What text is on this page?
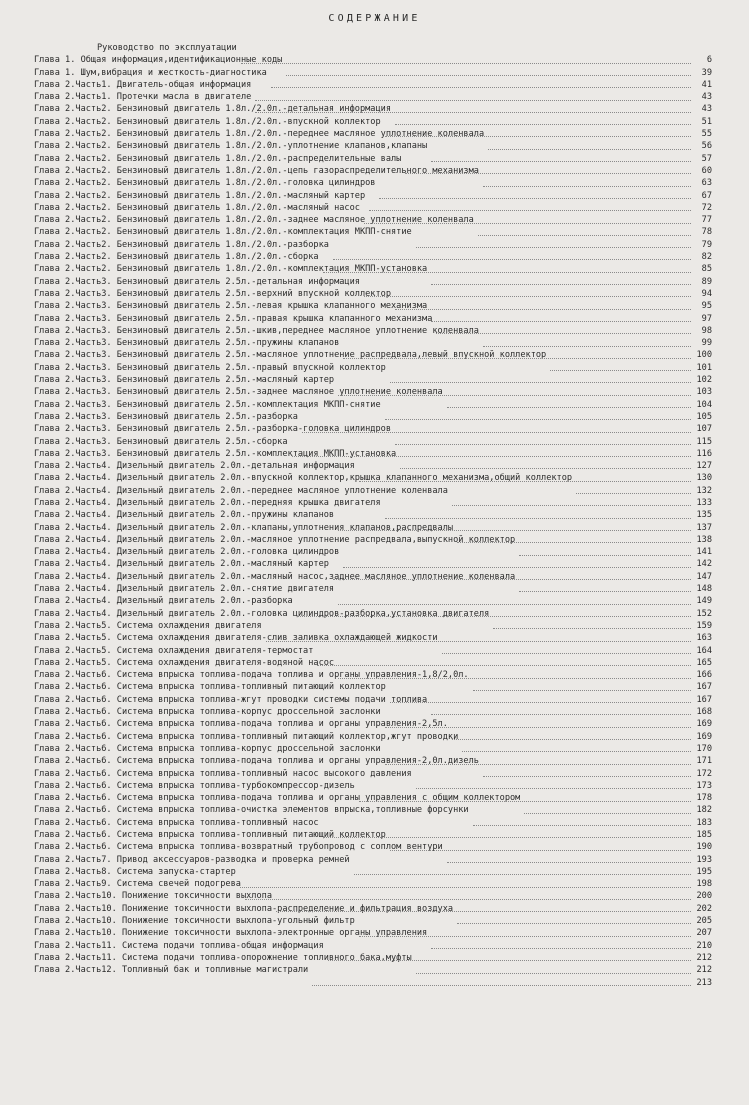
СОДЕРЖАНИЕ
Руководство по эксплуатации
Глава 1. Общая информация,идентификационные коды	6
Глава 1. Шум,вибрация и жесткость-диагностика	39
Глава 2.Часть1. Двигатель-общая информация	41
Глава 2.Часть1. Протечки масла в двигателе	43
Глава 2.Часть2. Бензиновый двигатель 1.8л./2.0л.-детальная информация	43
Глава 2.Часть2. Бензиновый двигатель 1.8л./2.0л.-впускной коллектор	51
Глава 2.Часть2. Бензиновый двигатель 1.8л./2.0л.-переднее масляное уплотнение коленвала	55
Глава 2.Часть2. Бензиновый двигатель 1.8л./2.0л.-уплотнение клапанов,клапаны	56
Глава 2.Часть2. Бензиновый двигатель 1.8л./2.0л.-распределительные валы	57
Глава 2.Часть2. Бензиновый двигатель 1.8л./2.0л.-цепь газораспределительного механизма	60
Глава 2.Часть2. Бензиновый двигатель 1.8л./2.0л.-головка цилиндров	63
Глава 2.Часть2. Бензиновый двигатель 1.8л./2.0л.-масляный картер	67
Глава 2.Часть2. Бензиновый двигатель 1.8л./2.0л.-масляный насос	72
Глава 2.Часть2. Бензиновый двигатель 1.8л./2.0л.-заднее масляное уплотнение коленвала	77
Глава 2.Часть2. Бензиновый двигатель 1.8л./2.0л.-комплектация МКПП-снятие	78
Глава 2.Часть2. Бензиновый двигатель 1.8л./2.0л.-разборка	79
Глава 2.Часть2. Бензиновый двигатель 1.8л./2.0л.-сборка	82
Глава 2.Часть2. Бензиновый двигатель 1.8л./2.0л.-комплектация МКПП-установка	85
Глава 2.Часть3. Бензиновый двигатель 2.5л.-детальная информация	89
Глава 2.Часть3. Бензиновый двигатель 2.5л.-верхний впускной коллектор	94
Глава 2.Часть3. Бензиновый двигатель 2.5л.-левая крышка клапанного механизма	95
Глава 2.Часть3. Бензиновый двигатель 2.5л.-правая крышка клапанного механизма	97
Глава 2.Часть3. Бензиновый двигатель 2.5л.-шкив,переднее масляное уплотнение коленвала	98
Глава 2.Часть3. Бензиновый двигатель 2.5л.-пружины клапанов	99
Глава 2.Часть3. Бензиновый двигатель 2.5л.-масляное уплотнение распредвала,левый впускной коллектор	100
Глава 2.Часть3. Бензиновый двигатель 2.5л.-правый впускной коллектор	101
Глава 2.Часть3. Бензиновый двигатель 2.5л.-масляный картер	102
Глава 2.Часть3. Бензиновый двигатель 2.5л.-заднее масляное уплотнение коленвала	103
Глава 2.Часть3. Бензиновый двигатель 2.5л.-комплектация МКПП-снятие	104
Глава 2.Часть3. Бензиновый двигатель 2.5л.-разборка	105
Глава 2.Часть3. Бензиновый двигатель 2.5л.-разборка-головка цилиндров	107
Глава 2.Часть3. Бензиновый двигатель 2.5л.-сборка	115
Глава 2.Часть3. Бензиновый двигатель 2.5л.-комплектация МКПП-установка	116
Глава 2.Часть4. Дизельный двигатель 2.0л.-детальная информация	127
Глава 2.Часть4. Дизельный двигатель 2.0л.-впускной коллектор,крышка клапанного механизма,общий коллектор	130
Глава 2.Часть4. Дизельный двигатель 2.0л.-переднее масляное уплотнение коленвала	132
Глава 2.Часть4. Дизельный двигатель 2.0л.-передняя крышка двигателя	133
Глава 2.Часть4. Дизельный двигатель 2.0л.-пружины клапанов	135
Глава 2.Часть4. Дизельный двигатель 2.0л.-клапаны,уплотнения клапанов,распредвалы	137
Глава 2.Часть4. Дизельный двигатель 2.0л.-масляное уплотнение распредвала,выпускной коллектор	138
Глава 2.Часть4. Дизельный двигатель 2.0л.-головка цилиндров	141
Глава 2.Часть4. Дизельный двигатель 2.0л.-масляный картер	142
Глава 2.Часть4. Дизельный двигатель 2.0л.-масляный насос,заднее масляное уплотнение коленвала	147
Глава 2.Часть4. Дизельный двигатель 2.0л.-снятие двигателя	148
Глава 2.Часть4. Дизельный двигатель 2.0л.-разборка	149
Глава 2.Часть4. Дизельный двигатель 2.0л.-головка цилиндров-разборка,установка двигателя	152
Глава 2.Часть5. Система охлаждения двигателя	159
Глава 2.Часть5. Система охлаждения двигателя-слив заливка охлаждающей жидкости	163
Глава 2.Часть5. Система охлаждения двигателя-термостат	164
Глава 2.Часть5. Система охлаждения двигателя-водяной насос	165
Глава 2.Часть6. Система впрыска топлива-подача топлива и органы управления-1,8/2,0л.	166
Глава 2.Часть6. Система впрыска топлива-топливный питающий коллектор	167
Глава 2.Часть6. Система впрыска топлива-жгут проводки системы подачи топлива	167
Глава 2.Часть6. Система впрыска топлива-корпус дроссельной заслонки	168
Глава 2.Часть6. Система впрыска топлива-подача топлива и органы управления-2,5л.	169
Глава 2.Часть6. Система впрыска топлива-топливный питающий коллектор,жгут проводки	169
Глава 2.Часть6. Система впрыска топлива-корпус дроссельной заслонки	170
Глава 2.Часть6. Система впрыска топлива-подача топлива и органы управления-2,0л.дизель	171
Глава 2.Часть6. Система впрыска топлива-топливный насос высокого давления	172
Глава 2.Часть6. Система впрыска топлива-турбокомпрессор-дизель	173
Глава 2.Часть6. Система впрыска топлива-подача топлива и органы управления с общим коллектором	178
Глава 2.Часть6. Система впрыска топлива-очистка элементов впрыска,топливные форсунки	182
Глава 2.Часть6. Система впрыска топлива-топливный насос	183
Глава 2.Часть6. Система впрыска топлива-топливный питающий коллектор	185
Глава 2.Часть6. Система впрыска топлива-возвратный трубопровод с соплом вентури	190
Глава 2.Часть7. Привод аксессуаров-разводка и проверка ремней	193
Глава 2.Часть8. Система запуска-стартер	195
Глава 2.Часть9. Система свечей подогрева	198
Глава 2.Часть10. Понижение токсичности выхлопа	200
Глава 2.Часть10. Понижение токсичности выхлопа-распределение и фильтрация воздуха	202
Глава 2.Часть10. Понижение токсичности выхлопа-угольный фильтр	205
Глава 2.Часть10. Понижение токсичности выхлопа-электронные органы управления	207
Глава 2.Часть11. Система подачи топлива-общая информация	210
Глава 2.Часть11. Система подачи топлива-опорожнение топливного бака,муфты	212
Глава 2.Часть12. Топливный бак и топливные магистрали	212
213
